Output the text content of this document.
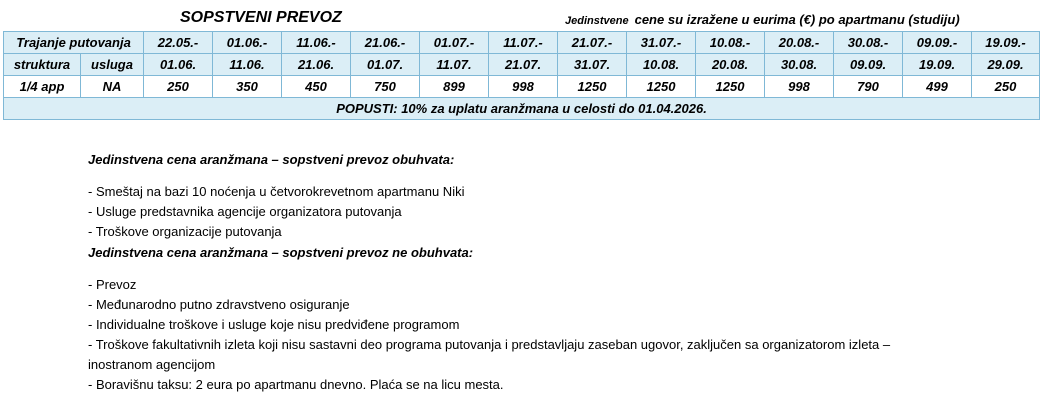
SOPSTVENI PREVOZ	Jedinstvene cene su izražene u eurima (€) po apartmanu (studiju)
Trajanje putovanja		22.05.-	01.06.-	11.06.-	21.06.-	01.07.-	11.07.-	21.07.-	31.07.-	10.08.-	20.08.-	30.08.-	09.09.-	19.09.-
struktura	usluga	01.06.	11.06.	21.06.	01.07.	11.07.	21.07.	31.07.	10.08.	20.08.	30.08.	09.09.	19.09.	29.09.
1/4 app	NA	250	350	450	750	899	998	1250	1250	1250	998	790	499	250
POPUSTI: 10% za uplatu aranžmana u celosti do 01.04.2026.														
Jedinstvena cena aranžmana – sopstveni prevoz obuhvata:
- Smeštaj na bazi 10 noćenja u četvorokrevetnom apartmanu Niki
- Usluge predstavnika agencije organizatora putovanja
- Troškove organizacije putovanja
Jedinstvena cena aranžmana – sopstveni prevoz ne obuhvata:
- Prevoz
- Međunarodno putno zdravstveno osiguranje
- Individualne troškove i usluge koje nisu predviđene programom
- Troškove fakultativnih izleta koji nisu sastavni deo programa putovanja i predstavljaju zaseban ugovor, zaključen sa organizatorom izleta –
inostranom agencijom
- Boravišnu taksu: 2 eura po apartmanu dnevno. Plaća se na licu mesta.
